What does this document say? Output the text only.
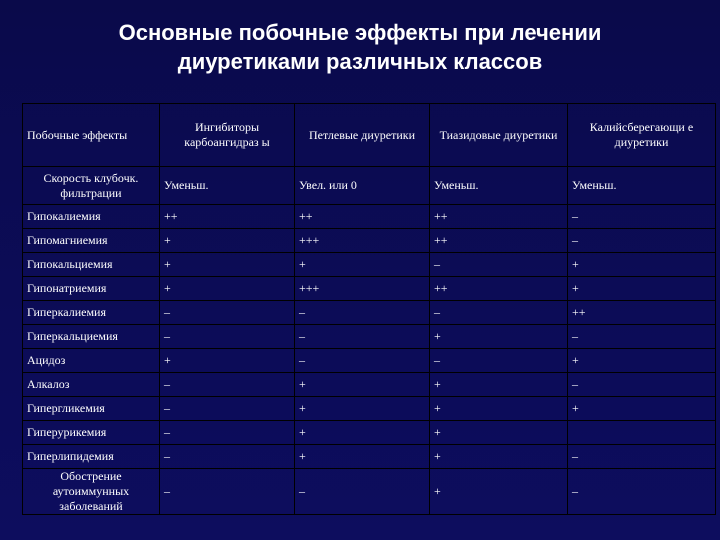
Основные побочные эффекты при лечении
диуретиками различных классов
Побочные эффекты	Ингибиторы карбоангидраз ы	Петлевые диуретики	Тиазидовые диуретики	Калийсберегающи е диуретики
Скорость клубочк. фильтрации	Уменьш.	Увел. или 0	Уменьш.	Уменьш.
Гипокалиемия	++	++	++	–
Гипомагниемия	+	+++	++	–
Гипокальциемия	+	+	–	+
Гипонатриемия	+	+++	++	+
Гиперкалиемия	–	–	–	++
Гиперкальциемия	–	–	+	–
Ацидоз	+	–	–	+
Алкалоз	–	+	+	–
Гипергликемия	–	+	+	+
Гиперурикемия	–	+	+	
Гиперлипидемия	–	+	+	–
Обострение аутоиммунных заболеваний	–	–	+	–
